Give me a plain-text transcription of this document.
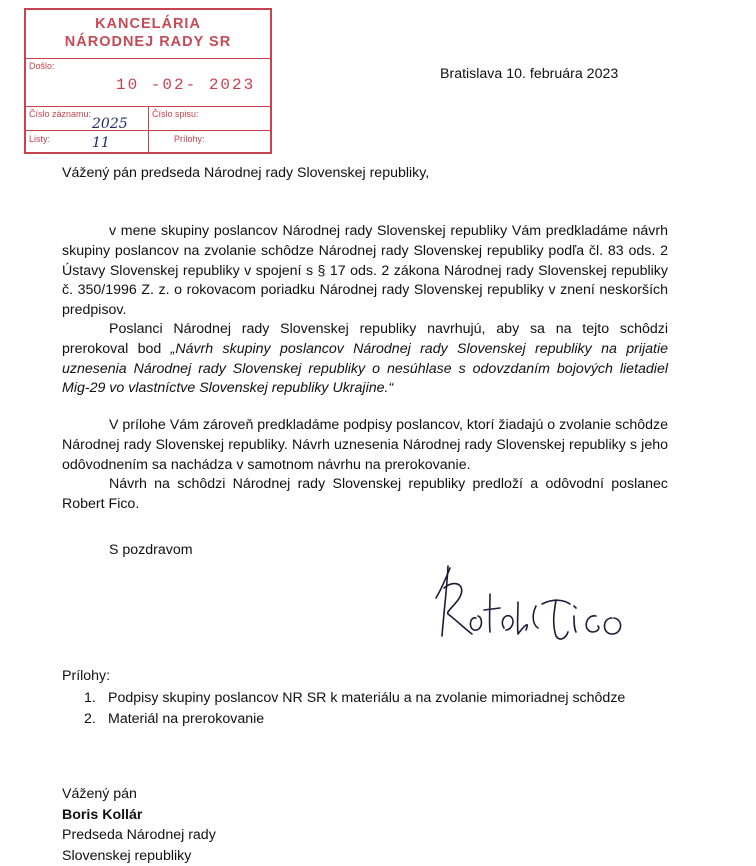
KANCELÁRIA
NÁRODNEJ RADY SR
Došlo:
10 -02- 2023
Číslo záznamu:
2025
Číslo spisu:
Listy:	11	Prílohy:
Bratislava 10. februára 2023
Vážený pán predseda Národnej rady Slovenskej republiky,

v mene skupiny poslancov Národnej rady Slovenskej republiky Vám predkladáme návrh skupiny poslancov na zvolanie schôdze Národnej rady Slovenskej republiky podľa čl. 83 ods. 2 Ústavy Slovenskej republiky v spojení s § 17 ods. 2 zákona Národnej rady Slovenskej republiky č. 350/1996 Z. z. o rokovacom poriadku Národnej rady Slovenskej republiky v znení neskorších predpisov.

Poslanci Národnej rady Slovenskej republiky navrhujú, aby sa na tejto schôdzi prerokoval bod „Návrh skupiny poslancov Národnej rady Slovenskej republiky na prijatie uznesenia Národnej rady Slovenskej republiky o nesúhlase s odovzdaním bojových lietadiel Mig-29 vo vlastníctve Slovenskej republiky Ukrajine.“

V prílohe Vám zároveň predkladáme podpisy poslancov, ktorí žiadajú o zvolanie schôdze Národnej rady Slovenskej republiky. Návrh uznesenia Národnej rady Slovenskej republiky s jeho odôvodnením sa nachádza v samotnom návrhu na prerokovanie.

Návrh na schôdzi Národnej rady Slovenskej republiky predloží a odôvodní poslanec Robert Fico.

S pozdravom
Prílohy:
1. Podpisy skupiny poslancov NR SR k materiálu a na zvolanie mimoriadnej schôdze
2. Materiál na prerokovanie
Vážený pán
Boris Kollár
Predseda Národnej rady
Slovenskej republiky
